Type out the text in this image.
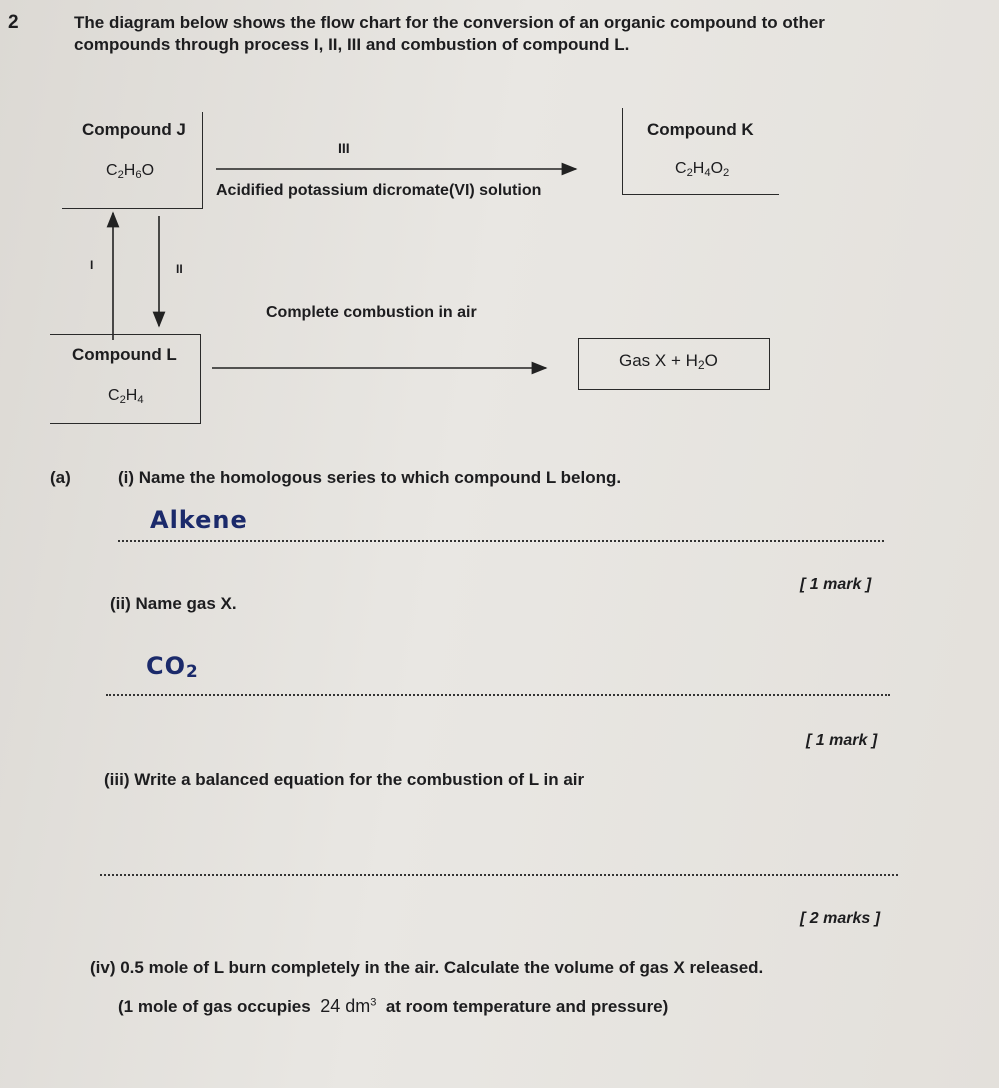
2	The diagram below shows the flow chart for the conversion of an organic compound to other
compounds through process I, II, III and combustion of compound L.
Compound J
$C_2H_6O$
Compound K
$C_2H_4O_2$
Compound L
$C_2H_4$
Gas $X + H_2O$
III
Acidified potassium dicromate(VI) solution
I	II
Complete combustion in air
(a)	(i) Name the homologous series to which compound L belong.
Alkene
[ 1 mark ]
(ii) Name gas X.
$CO_2$
[ 1 mark ]
(iii) Write a balanced equation for the combustion of L in air
[ 2 marks ]
(iv) 0.5 mole of L burn completely in the air. Calculate the volume of gas X released.
(1 mole of gas occupies 24 $dm^3$ at room temperature and pressure)
